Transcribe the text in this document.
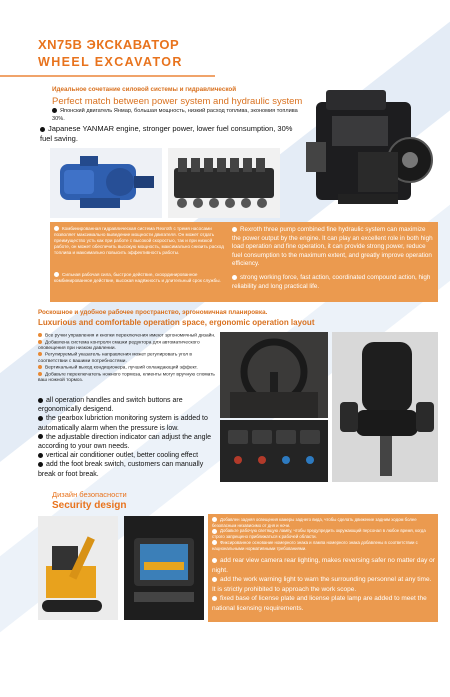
XN75B ЭКСКАВАТОР
WHEEL EXCAVATOR
Идеальное сочетание силовой системы и гидравлической
Perfect match between power system and hydraulic system
Японский двигатель Янмар, большая мощность, низкий расход топлива, экономия топлива 30%.
Japanese YANMAR engine, stronger power, lower fuel consumption, 30% fuel saving.
Комбинированная гидравлическая система Rexroth с тремя насосами позволяет максимально выведение мощности двигателя. Он может отдать преимущество усть как при работе с высокой скоростью, так и при низкой работе, он может обеспечить высокую мощность, максимально снизить расход топлива и максимально повысить эффективность работы.
Сильная рабочая сила, быстрое действие, скоординированное комбинированное действие, высокая надёжность и длительный срок службы.
Rexroth three pump combined fine hydraulic system can maximize the power output by the engine. It can play an excellent role in both high load operation and fine operation, it can provide strong power, reduce fuel consumption to the maximum extent, and greatly improve operation efficiency.
strong working force, fast action, coordinated compound action, high reliability and long practical life.
Роскошное и удобное рабочее пространство, эргономичная планировка.
Luxurious and comfortable operation space, ergonomic operation layout
Все ручки управления и кнопки переключения имеют эргономичный дизайн.
Добавлена система контроля смазки редуктора для автоматического оповещения при низком давлении.
Регулируемый указатель направления может регулировать угол в соответствии с вашими потребностями.
Вертикальный выход кондиционера, лучший охлаждающий эффект.
Добавьте переключатель ножного тормоза, клиенты могут вручную сломать ваш ножной тормоз.
all operation handles and switch buttons are ergonomically desigend.
the gearbox lubriction monitoring system is added to automatically alarm when the pressure is low.
the adjustable direction indicator can adjust the angle according to your own needs.
vertical air conditioner outlet, better cooling effect
add the foot break switch, customers can manually break or foot break.
Дизайн безопасности
Security design
Добавлен задняя освещения камеры заднего вида, чтобы сделать движение задним ходом более безопасным независимо от дня и ночи.
Добавьте рабочую светящую лампу, чтобы предупредить окружающий персонал в любое время, когда строго запрещено приближаться к рабочей области.
Фиксированное основание номерного знака и лампа номерного знака добавлены в соответствии с национальными нормативными требованиями.
add rear view camera rear lighting, makes reversing safer no matter day or night.
add the work warning light to warn the surrounding personnel at any time. It is strictly prohibited to approach the work scope.
fixed base of license plate and license plate lamp are added to meet the national licensing requirements.
